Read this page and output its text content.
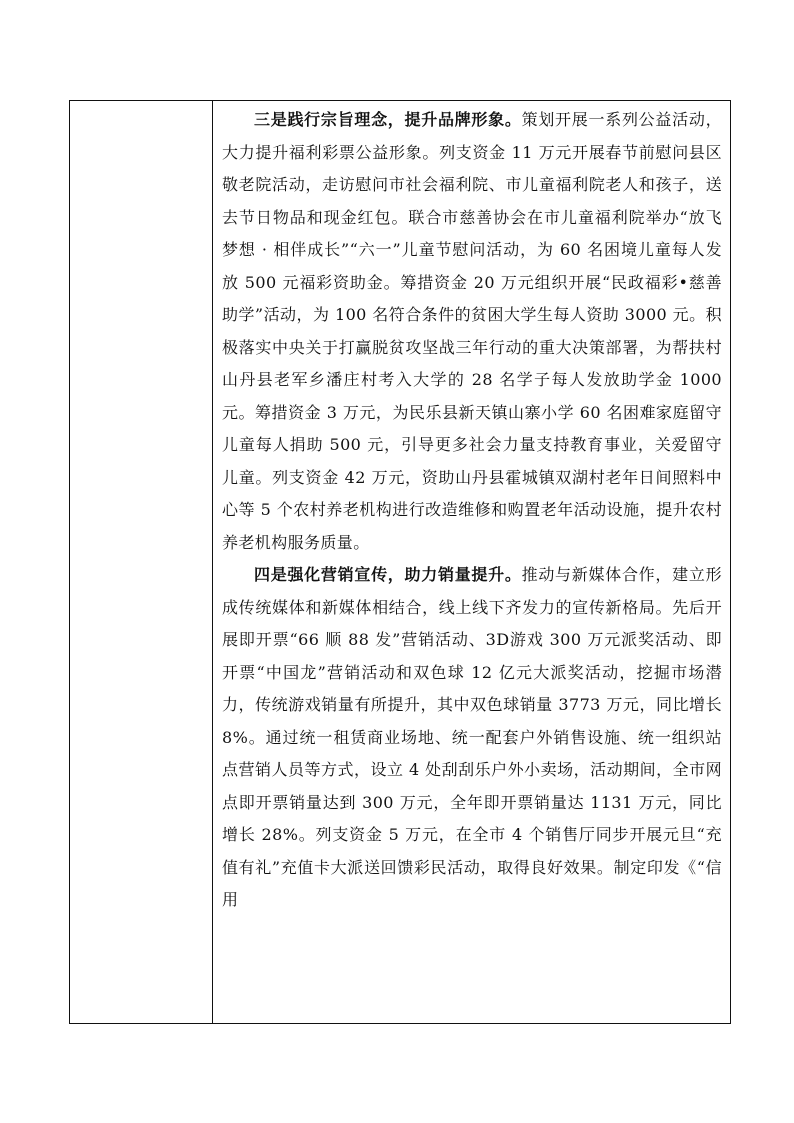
三是践行宗旨理念，提升品牌形象。策划开展一系列公益活动，大力提升福利彩票公益形象。列支资金 11 万元开展春节前慰问县区敬老院活动，走访慰问市社会福利院、市儿童福利院老人和孩子，送去节日物品和现金红包。联合市慈善协会在市儿童福利院举办“放飞梦想 · 相伴成长”“六一”儿童节慰问活动，为 60 名困境儿童每人发放 500 元福彩资助金。筹措资金 20 万元组织开展“民政福彩•慈善助学”活动，为 100 名符合条件的贫困大学生每人资助 3000 元。积极落实中央关于打赢脱贫攻坚战三年行动的重大决策部署，为帮扶村山丹县老军乡潘庄村考入大学的 28 名学子每人发放助学金 1000 元。筹措资金 3 万元，为民乐县新天镇山寨小学 60 名困难家庭留守儿童每人捐助 500 元，引导更多社会力量支持教育事业，关爱留守儿童。列支资金 42 万元，资助山丹县霍城镇双湖村老年日间照料中心等 5 个农村养老机构进行改造维修和购置老年活动设施，提升农村养老机构服务质量。

四是强化营销宣传，助力销量提升。推动与新媒体合作，建立形成传统媒体和新媒体相结合，线上线下齐发力的宣传新格局。先后开展即开票“66 顺 88 发”营销活动、3D游戏 300 万元派奖活动、即开票“中国龙”营销活动和双色球 12 亿元大派奖活动，挖掘市场潜力，传统游戏销量有所提升，其中双色球销量 3773 万元，同比增长 8%。通过统一租赁商业场地、统一配套户外销售设施、统一组织站点营销人员等方式，设立 4 处刮刮乐户外小卖场，活动期间，全市网点即开票销量达到 300 万元，全年即开票销量达 1131 万元，同比增长 28%。列支资金 5 万元，在全市 4 个销售厅同步开展元旦“充值有礼”充值卡大派送回馈彩民活动，取得良好效果。制定印发《“信用
